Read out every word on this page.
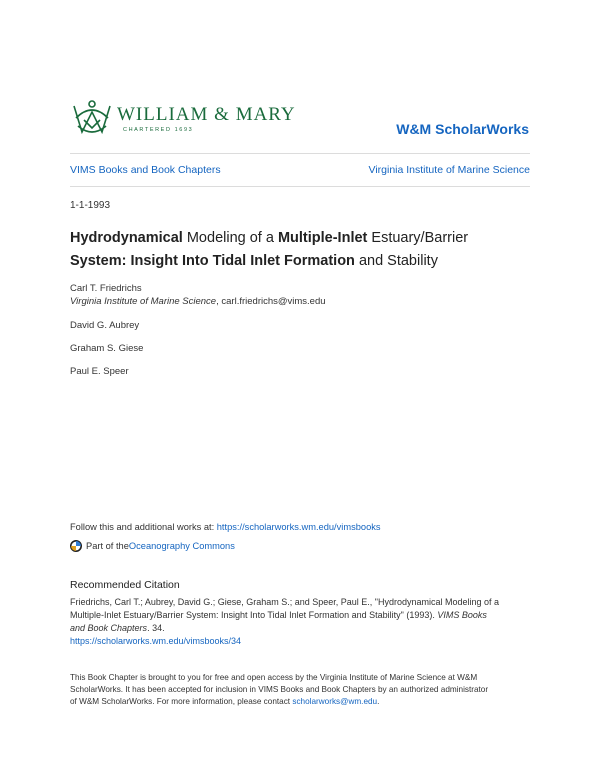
WILLIAM & MARY
CHARTERED 1693	W&M ScholarWorks
VIMS Books and Book Chapters	Virginia Institute of Marine Science
1-1-1993
Hydrodynamical Modeling of a Multiple-Inlet Estuary/Barrier
System: Insight Into Tidal Inlet Formation and Stability
Carl T. Friedrichs
Virginia Institute of Marine Science, carl.friedrichs@vims.edu
David G. Aubrey
Graham S. Giese
Paul E. Speer
Follow this and additional works at: https://scholarworks.wm.edu/vimsbooks
Part of the Oceanography Commons
Recommended Citation
Friedrichs, Carl T.; Aubrey, David G.; Giese, Graham S.; and Speer, Paul E., "Hydrodynamical Modeling of a
Multiple-Inlet Estuary/Barrier System: Insight Into Tidal Inlet Formation and Stability" (1993). VIMS Books
and Book Chapters. 34.
https://scholarworks.wm.edu/vimsbooks/34
This Book Chapter is brought to you for free and open access by the Virginia Institute of Marine Science at W&M
ScholarWorks. It has been accepted for inclusion in VIMS Books and Book Chapters by an authorized administrator
of W&M ScholarWorks. For more information, please contact scholarworks@wm.edu.
